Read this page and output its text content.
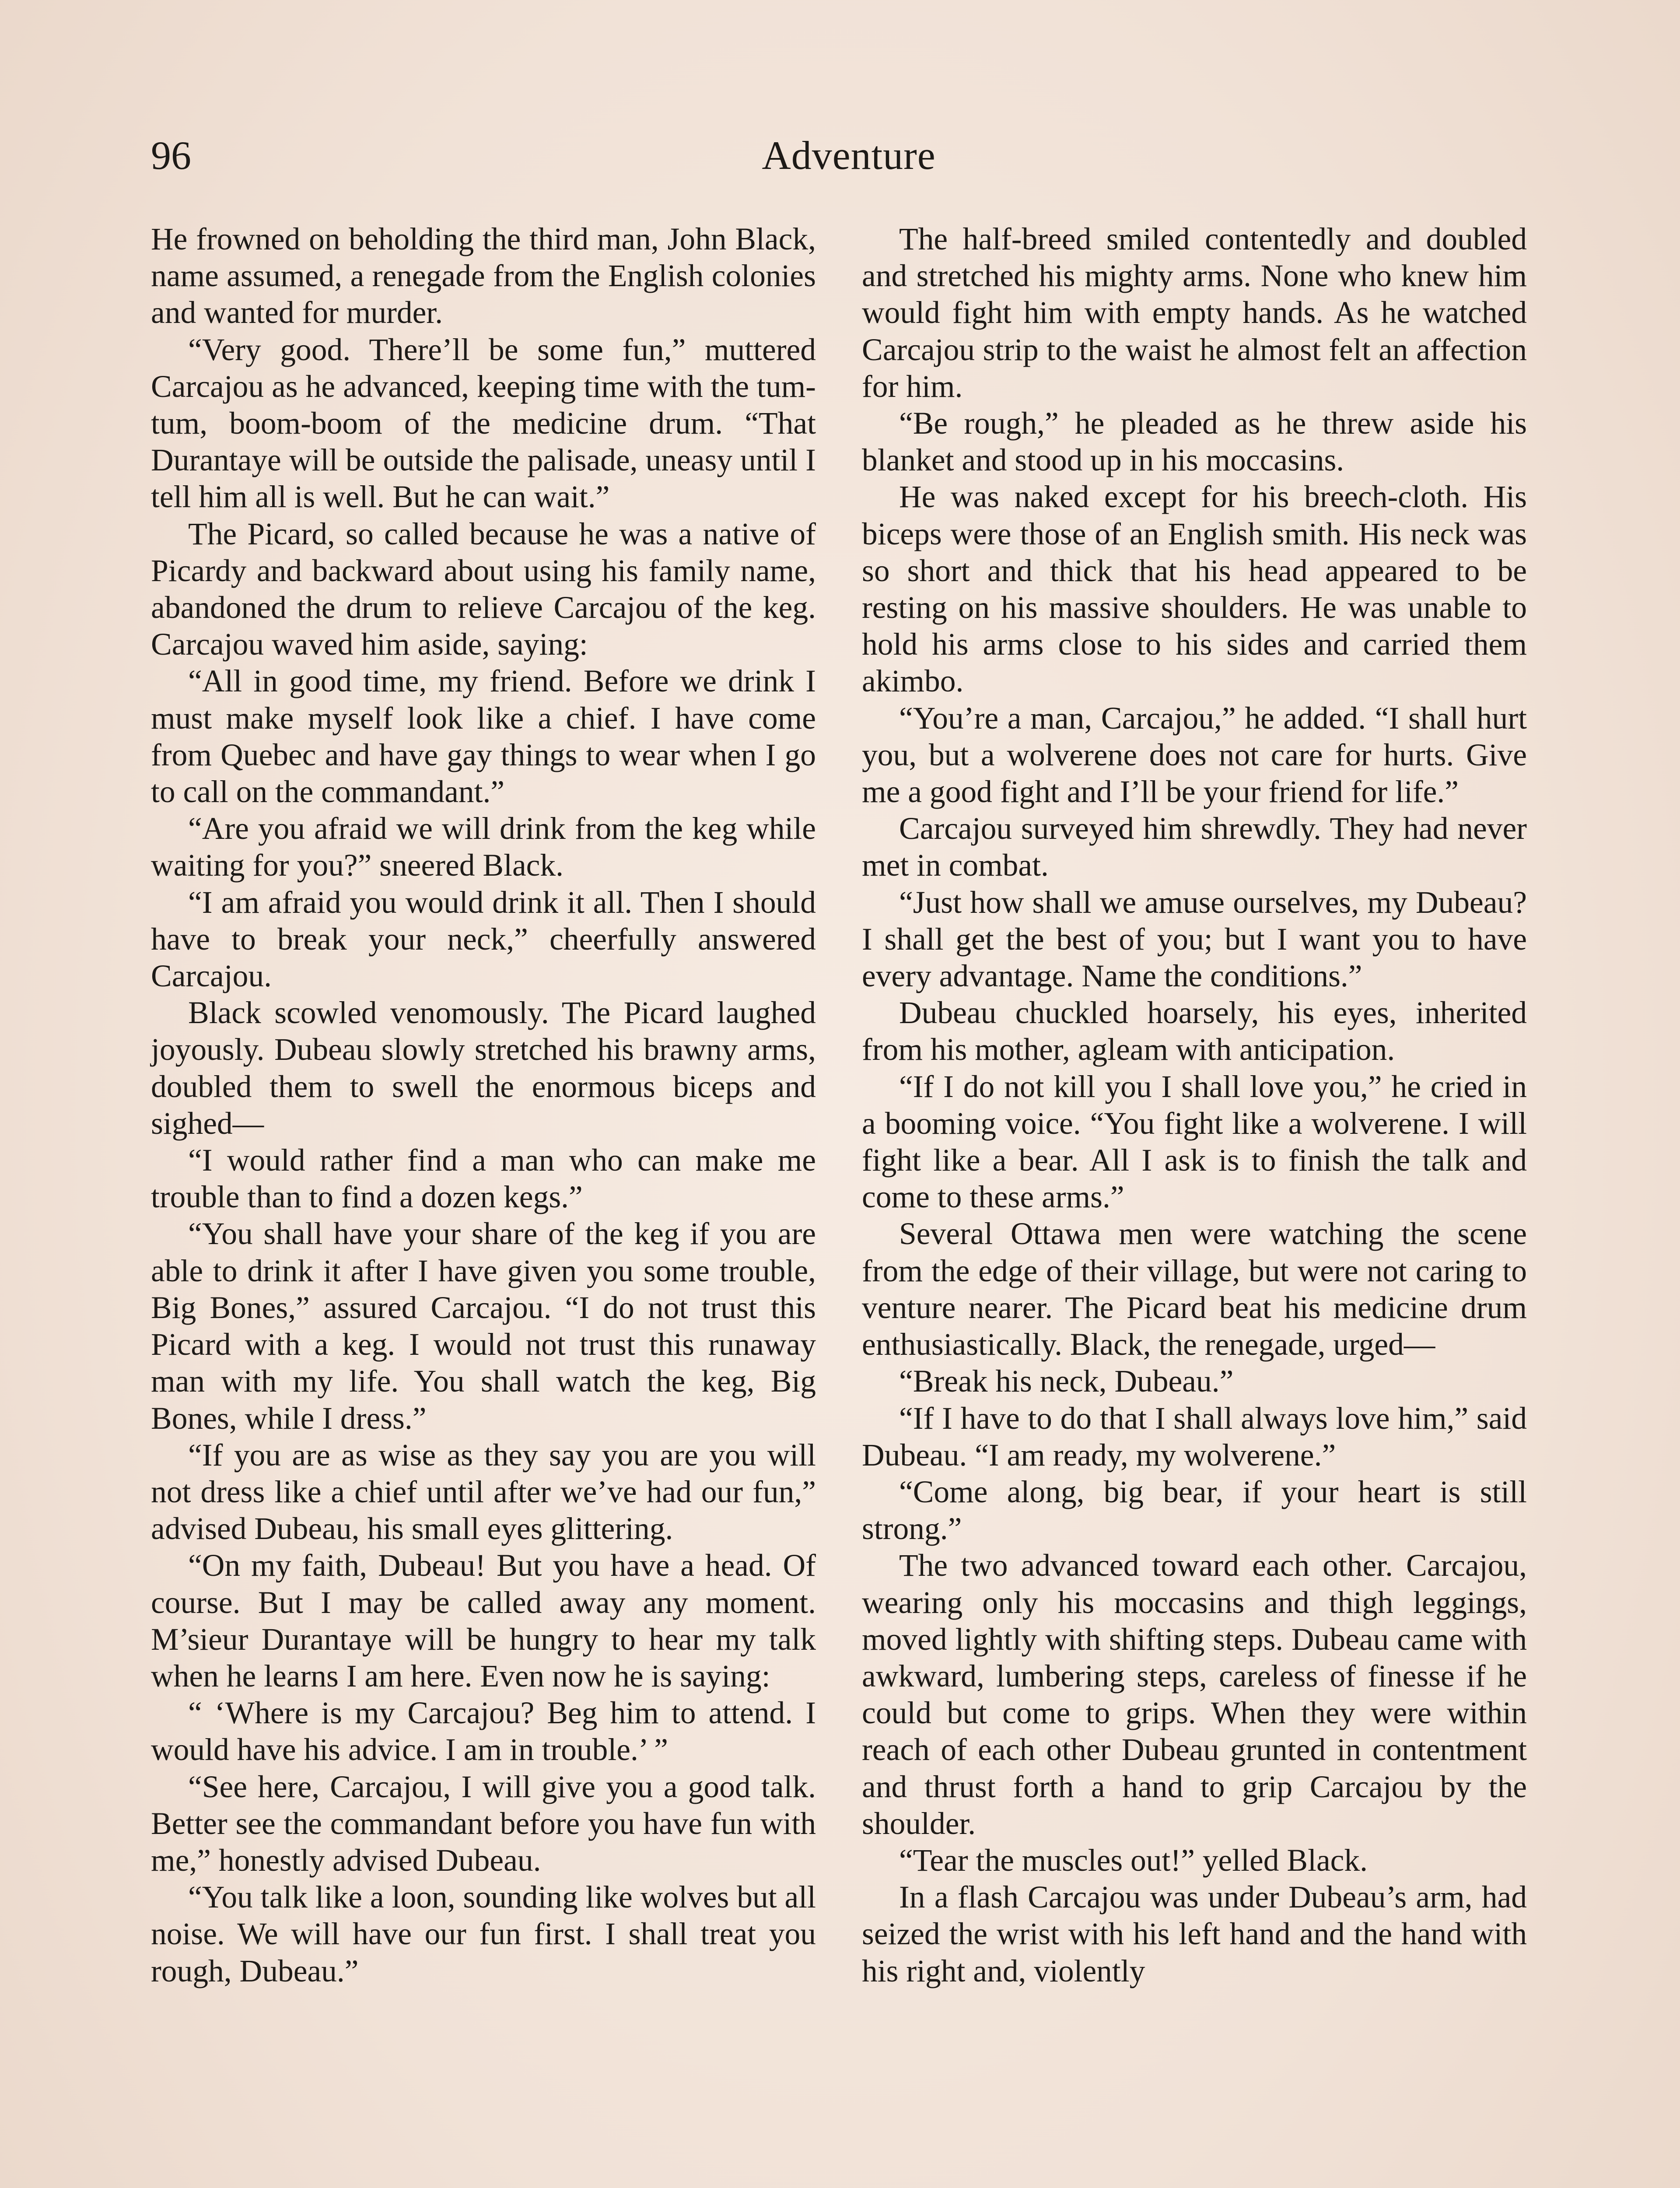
96	Adventure

He frowned on beholding the third man, John Black, name assumed, a renegade from the English colonies and wanted for murder.

“Very good. There’ll be some fun,” muttered Carcajou as he advanced, keeping time with the tum-tum, boom-boom of the medicine drum. “That Durantaye will be outside the palisade, uneasy until I tell him all is well. But he can wait.”

The Picard, so called because he was a native of Picardy and backward about using his family name, abandoned the drum to relieve Carcajou of the keg. Carcajou waved him aside, saying:

“All in good time, my friend. Before we drink I must make myself look like a chief. I have come from Quebec and have gay things to wear when I go to call on the commandant.”

“Are you afraid we will drink from the keg while waiting for you?” sneered Black.

“I am afraid you would drink it all. Then I should have to break your neck,” cheerfully answered Carcajou.

Black scowled venomously. The Picard laughed joyously. Dubeau slowly stretched his brawny arms, doubled them to swell the enormous biceps and sighed—

“I would rather find a man who can make me trouble than to find a dozen kegs.”

“You shall have your share of the keg if you are able to drink it after I have given you some trouble, Big Bones,” assured Carcajou. “I do not trust this Picard with a keg. I would not trust this runaway man with my life. You shall watch the keg, Big Bones, while I dress.”

“If you are as wise as they say you are you will not dress like a chief until after we’ve had our fun,” advised Dubeau, his small eyes glittering.

“On my faith, Dubeau! But you have a head. Of course. But I may be called away any moment. M’sieur Durantaye will be hungry to hear my talk when he learns I am here. Even now he is saying:

“ ‘Where is my Carcajou? Beg him to attend. I would have his advice. I am in trouble.’ ”

“See here, Carcajou, I will give you a good talk. Better see the commandant before you have fun with me,” honestly advised Dubeau.

“You talk like a loon, sounding like wolves but all noise. We will have our fun first. I shall treat you rough, Dubeau.”

The half-breed smiled contentedly and doubled and stretched his mighty arms. None who knew him would fight him with empty hands. As he watched Carcajou strip to the waist he almost felt an affection for him.

“Be rough,” he pleaded as he threw aside his blanket and stood up in his moccasins.

He was naked except for his breech-cloth. His biceps were those of an English smith. His neck was so short and thick that his head appeared to be resting on his massive shoulders. He was unable to hold his arms close to his sides and carried them akimbo.

“You’re a man, Carcajou,” he added. “I shall hurt you, but a wolverene does not care for hurts. Give me a good fight and I’ll be your friend for life.”

Carcajou surveyed him shrewdly. They had never met in combat.

“Just how shall we amuse ourselves, my Dubeau? I shall get the best of you; but I want you to have every advantage. Name the conditions.”

Dubeau chuckled hoarsely, his eyes, inherited from his mother, agleam with anticipation.

“If I do not kill you I shall love you,” he cried in a booming voice. “You fight like a wolverene. I will fight like a bear. All I ask is to finish the talk and come to these arms.”

Several Ottawa men were watching the scene from the edge of their village, but were not caring to venture nearer. The Picard beat his medicine drum enthusiastically. Black, the renegade, urged—

“Break his neck, Dubeau.”

“If I have to do that I shall always love him,” said Dubeau. “I am ready, my wolverene.”

“Come along, big bear, if your heart is still strong.”

The two advanced toward each other. Carcajou, wearing only his moccasins and thigh leggings, moved lightly with shifting steps. Dubeau came with awkward, lumbering steps, careless of finesse if he could but come to grips. When they were within reach of each other Dubeau grunted in contentment and thrust forth a hand to grip Carcajou by the shoulder.

“Tear the muscles out!” yelled Black.

In a flash Carcajou was under Dubeau’s arm, had seized the wrist with his left hand and the hand with his right and, violently
